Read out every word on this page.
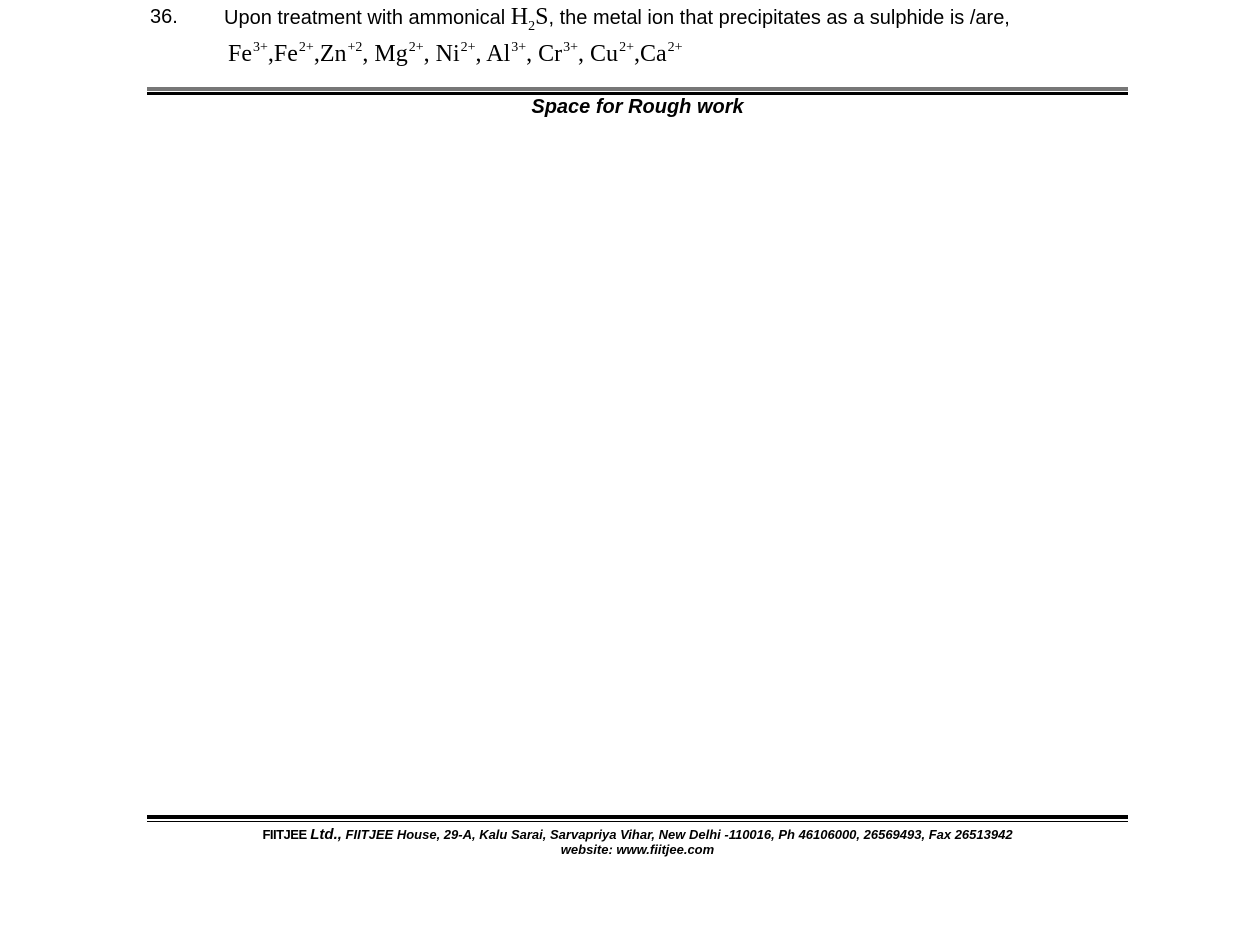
36. Upon treatment with ammonical $H_2S$, the metal ion that precipitates as a sulphide is /are,
$Fe^{3+},Fe^{2+},Zn^{+2}$, $Mg^{2+}$, $Ni^{2+}$, $Al^{3+}$, $Cr^{3+}$, $Cu^{2+},Ca^{2+}$
Space for Rough work
FIITJEE Ltd., FIITJEE House, 29-A, Kalu Sarai, Sarvapriya Vihar, New Delhi -110016, Ph 46106000, 26569493, Fax 26513942
website: www.fiitjee.com
